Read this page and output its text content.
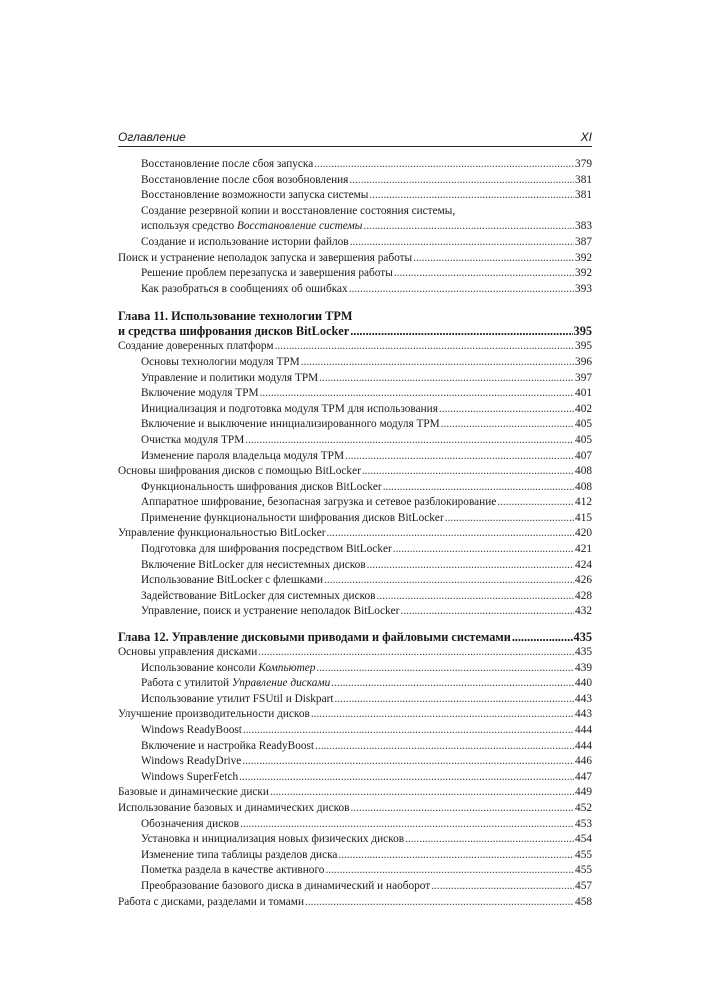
Оглавление	XI
Восстановление после сбоя запуска .....	379
Восстановление после сбоя возобновления .....	381
Восстановление возможности запуска системы .....	381
Создание резервной копии и восстановление состояния системы,
используя средство Восстановление системы .....	383
Создание и использование истории файлов .....	387
Поиск и устранение неполадок запуска и завершения работы .....	392
Решение проблем перезапуска и завершения работы .....	392
Как разобраться в сообщениях об ошибках .....	393
Глава 11. Использование технологии TPM
и средства шифрования дисков BitLocker .....	395
Создание доверенных платформ .....	395
Основы технологии модуля TPM .....	396
Управление и политики модуля TPM .....	397
Включение модуля TPM .....	401
Инициализация и подготовка модуля TPM для использования .....	402
Включение и выключение инициализированного модуля TPM .....	405
Очистка модуля TPM .....	405
Изменение пароля владельца модуля TPM .....	407
Основы шифрования дисков с помощью BitLocker .....	408
Функциональность шифрования дисков BitLocker .....	408
Аппаратное шифрование, безопасная загрузка и сетевое разблокирование .....	412
Применение функциональности шифрования дисков BitLocker .....	415
Управление функциональностью BitLocker .....	420
Подготовка для шифрования посредством BitLocker .....	421
Включение BitLocker для несистемных дисков .....	424
Использование BitLocker с флешками .....	426
Задействование BitLocker для системных дисков .....	428
Управление, поиск и устранение неполадок BitLocker .....	432
Глава 12. Управление дисковыми приводами и файловыми системами .....	435
Основы управления дисками .....	435
Использование консоли Компьютер .....	439
Работа с утилитой Управление дисками .....	440
Использование утилит FSUtil и Diskpart .....	443
Улучшение производительности дисков .....	443
Windows ReadyBoost .....	444
Включение и настройка ReadyBoost .....	444
Windows ReadyDrive .....	446
Windows SuperFetch .....	447
Базовые и динамические диски .....	449
Использование базовых и динамических дисков .....	452
Обозначения дисков .....	453
Установка и инициализация новых физических дисков .....	454
Изменение типа таблицы разделов диска .....	455
Пометка раздела в качестве активного .....	455
Преобразование базового диска в динамический и наоборот .....	457
Работа с дисками, разделами и томами .....	458
